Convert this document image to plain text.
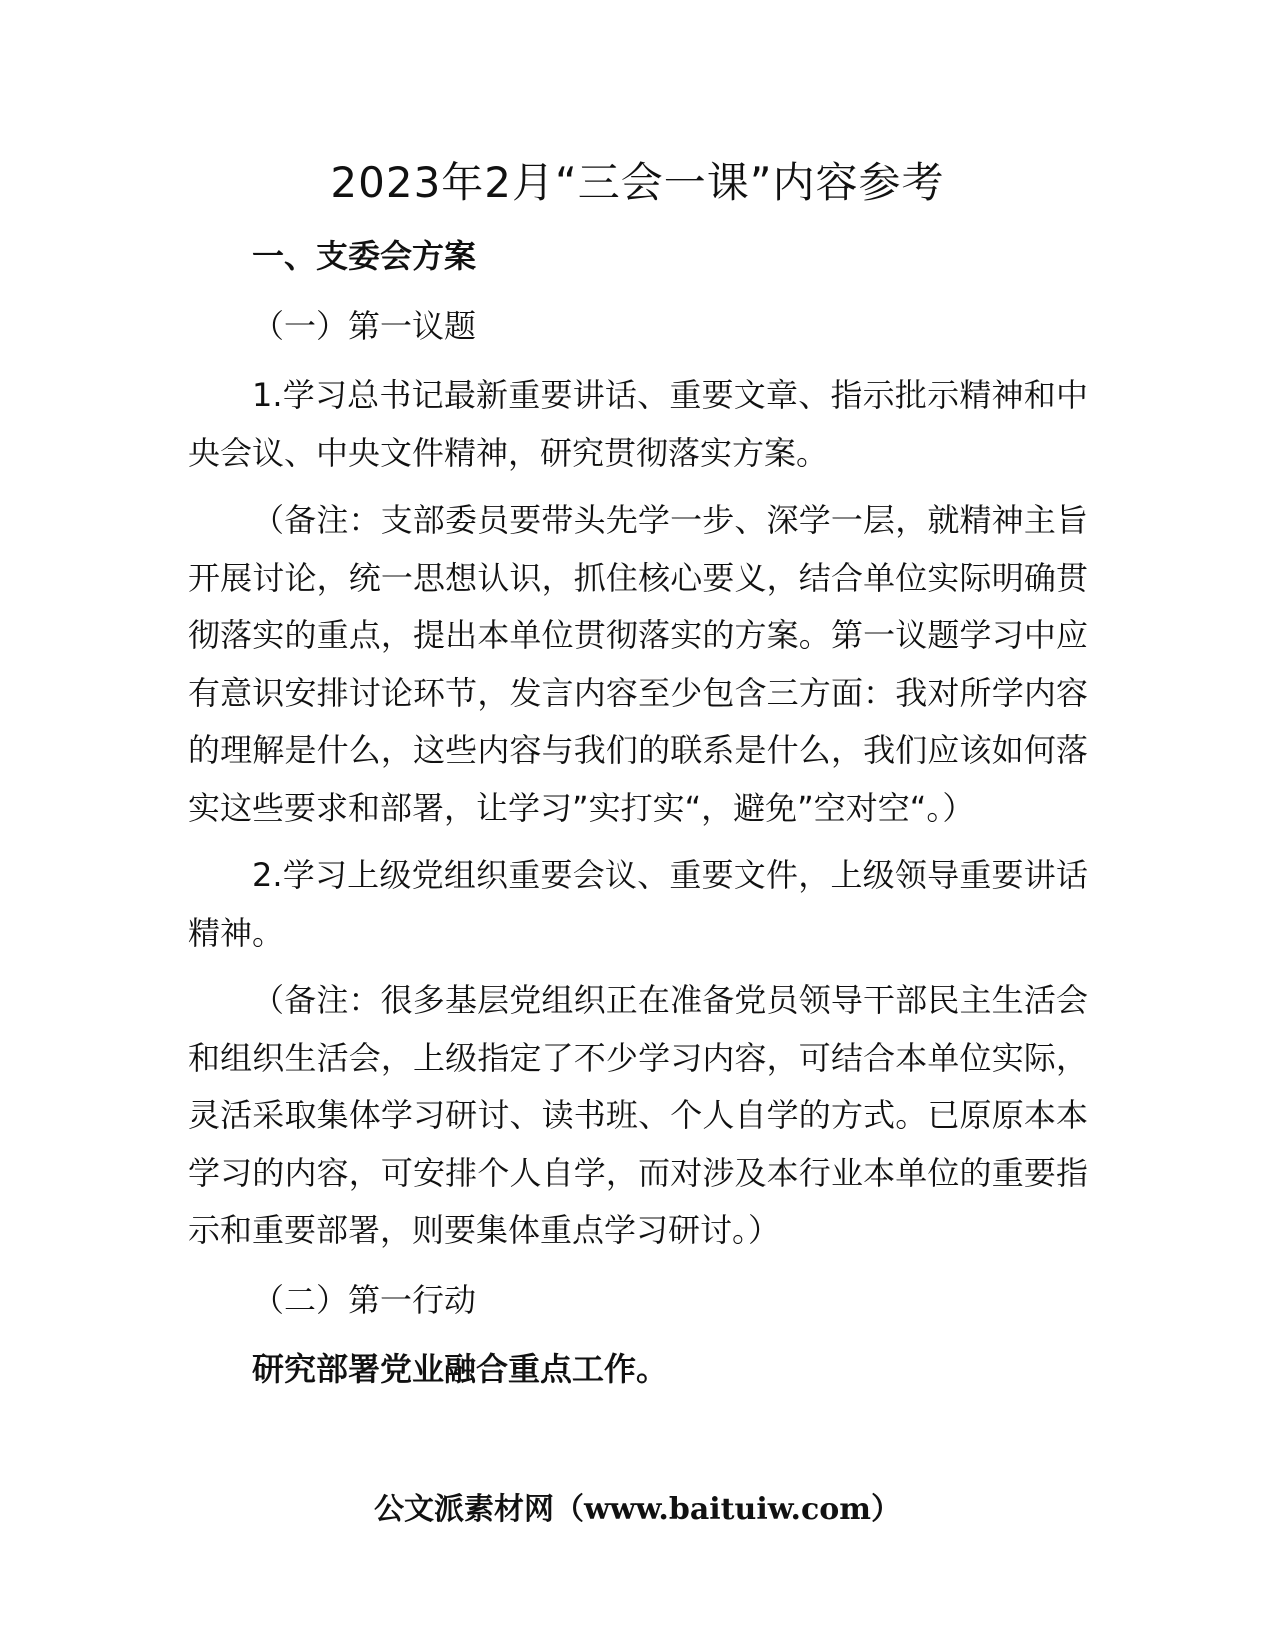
2023年2月“三会一课”内容参考

一、支委会方案

（一）第一议题

1.学习总书记最新重要讲话、重要文章、指示批示精神和中央会议、中央文件精神，研究贯彻落实方案。

（备注：支部委员要带头先学一步、深学一层，就精神主旨开展讨论，统一思想认识，抓住核心要义，结合单位实际明确贯彻落实的重点，提出本单位贯彻落实的方案。第一议题学习中应有意识安排讨论环节，发言内容至少包含三方面：我对所学内容的理解是什么，这些内容与我们的联系是什么，我们应该如何落实这些要求和部署，让学习”实打实“，避免”空对空“。）

2.学习上级党组织重要会议、重要文件，上级领导重要讲话精神。

（备注：很多基层党组织正在准备党员领导干部民主生活会和组织生活会，上级指定了不少学习内容，可结合本单位实际，灵活采取集体学习研讨、读书班、个人自学的方式。已原原本本学习的内容，可安排个人自学，而对涉及本行业本单位的重要指示和重要部署，则要集体重点学习研讨。）

（二）第一行动

研究部署党业融合重点工作。

公文派素材网（www.baituiw.com）
